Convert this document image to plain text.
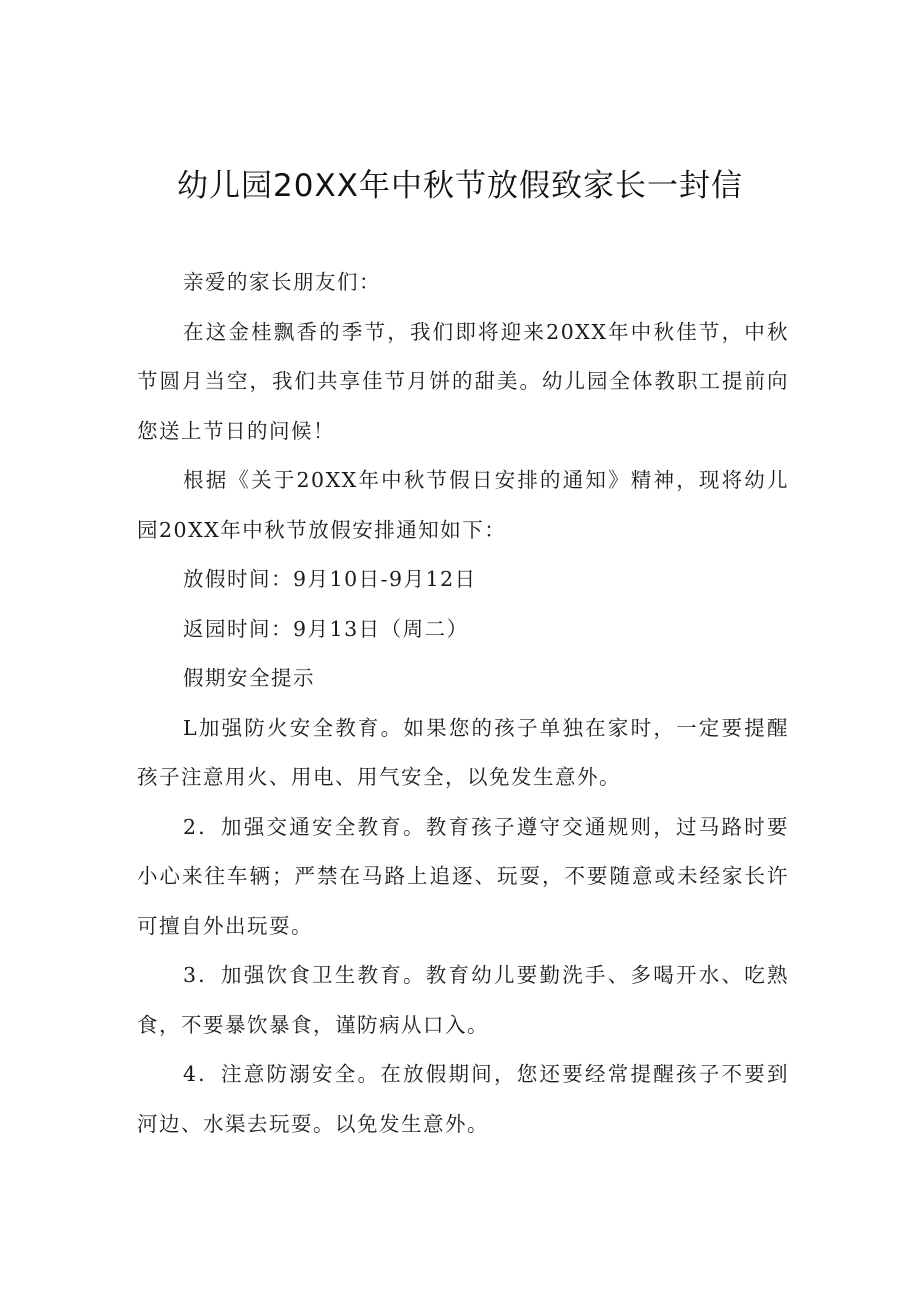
幼儿园20XX年中秋节放假致家长一封信

亲爱的家长朋友们：

在这金桂飘香的季节，我们即将迎来20XX年中秋佳节，中秋节圆月当空，我们共享佳节月饼的甜美。幼儿园全体教职工提前向您送上节日的问候！

根据《关于20XX年中秋节假日安排的通知》精神，现将幼儿园20XX年中秋节放假安排通知如下：

放假时间：9月10日-9月12日

返园时间：9月13日（周二）

假期安全提示

L加强防火安全教育。如果您的孩子单独在家时，一定要提醒孩子注意用火、用电、用气安全，以免发生意外。

2．加强交通安全教育。教育孩子遵守交通规则，过马路时要小心来往车辆；严禁在马路上追逐、玩耍，不要随意或未经家长许可擅自外出玩耍。

3．加强饮食卫生教育。教育幼儿要勤洗手、多喝开水、吃熟食，不要暴饮暴食，谨防病从口入。

4．注意防溺安全。在放假期间，您还要经常提醒孩子不要到河边、水渠去玩耍。以免发生意外。
